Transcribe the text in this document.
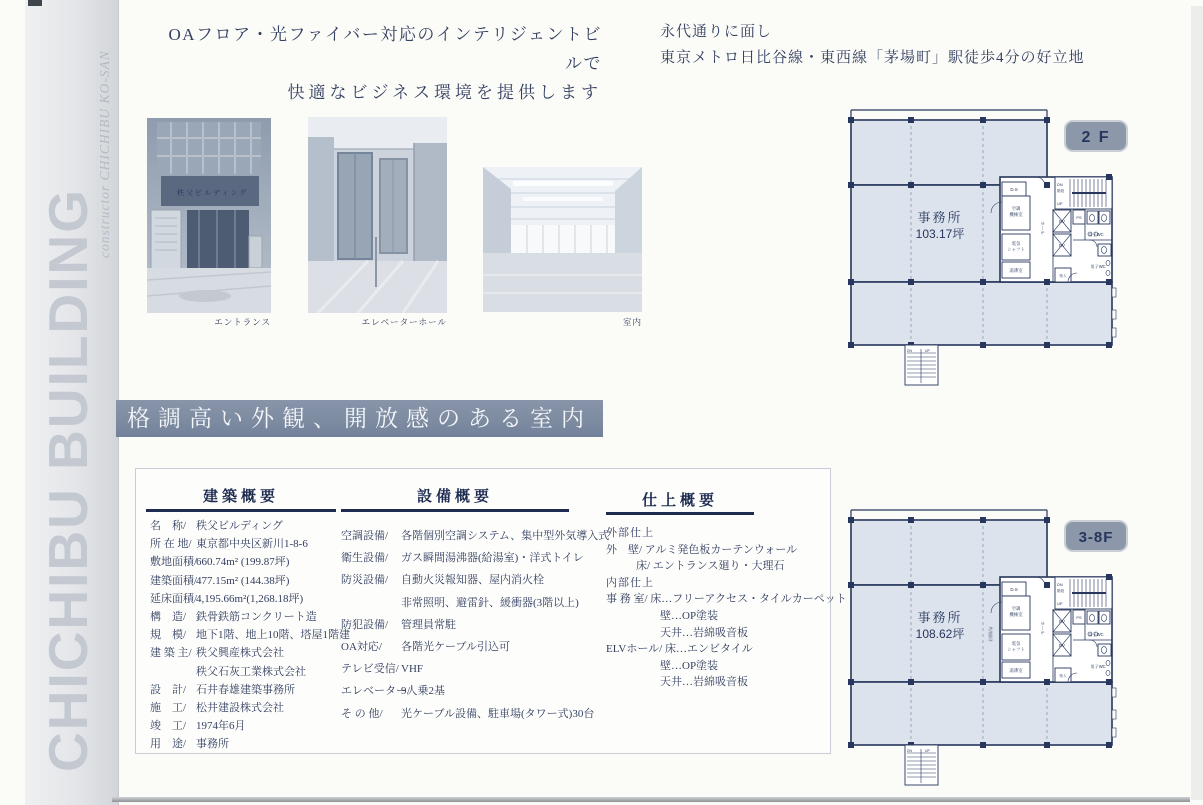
CHICHIBU BUILDING
constructor CHICHIBU KO-SAN
OAフロア・光ファイバー対応のインテリジェントビルで
快適なビジネス環境を提供します
永代通りに面し
東京メトロ日比谷線・東西線「茅場町」駅徒歩4分の好立地
秩父ビルディング
エントランス	エレベーターホール	室内
格調高い外観、開放感のある室内
建築概要	設備概要	仕上概要
名　称/ 秩父ビルディング
所 在 地/ 東京都中央区新川1-8-6
敷地面積/660.74m² (199.87坪)
建築面積/477.15m² (144.38坪)
延床面積/4,195.66m²(1,268.18坪)
構　造/ 鉄骨鉄筋コンクリート造
規　模/ 地下1階、地上10階、塔屋1階建
建 築 主/ 秩父興産株式会社
秩父石灰工業株式会社
設　計/ 石井春雄建築事務所
施　工/ 松井建設株式会社
竣　工/ 1974年6月
用　途/ 事務所
空調設備/ 各階個別空調システム、集中型外気導入式
衛生設備/ ガス瞬間湯沸器(給湯室)・洋式トイレ
防災設備/ 自動火災報知器、屋内消火栓
非常照明、避雷針、緩衝器(3階以上)
防犯設備/ 管理員常駐
OA対応/ 各階光ケーブル引込可
テレビ受信/ VHF
エレベーター/9人乗2基
そ の 他/ 光ケーブル設備、駐車場(タワー式)30台
外部仕上
外　壁/ アルミ発色板カーテンウォール
床/ エントランス廻り・大理石
内部仕上
事 務 室/ 床…フリーアクセス・タイルカーペット
壁…OP塗装
天井…岩綿吸音板
ELVホール/ 床…エンビタイル
壁…OP塗装
天井…岩綿吸音板
DN
階段
UP
DN	UP
事務所
103.17坪
D.S
空調
機械室
電気
シャフト
湯沸室
ホール	EV
EV
PS
女子WC
男子WC
物入
2 F
DN
階段
UP
DN	UP
事務所
108.62坪
D.S
空調
機械室
電気
シャフト
湯沸室
ホール
共用部分
EV
EV
PS
女子WC
男子WC
物入
3-8F
